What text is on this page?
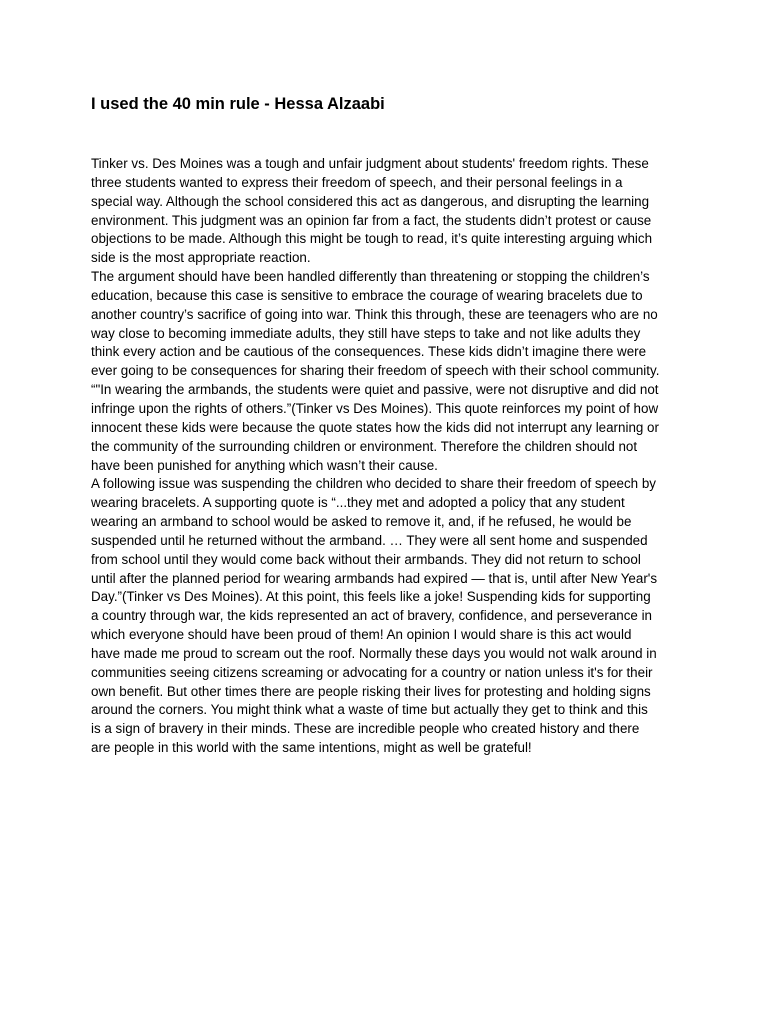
I used the 40 min rule - Hessa Alzaabi
Tinker vs. Des Moines was a tough and unfair judgment about students' freedom rights. These
three students wanted to express their freedom of speech, and their personal feelings in a
special way. Although the school considered this act as dangerous, and disrupting the learning
environment. This judgment was an opinion far from a fact, the students didn’t protest or cause
objections to be made. Although this might be tough to read, it’s quite interesting arguing which
side is the most appropriate reaction.
The argument should have been handled differently than threatening or stopping the children’s
education, because this case is sensitive to embrace the courage of wearing bracelets due to
another country’s sacrifice of going into war. Think this through, these are teenagers who are no
way close to becoming immediate adults, they still have steps to take and not like adults they
think every action and be cautious of the consequences. These kids didn’t imagine there were
ever going to be consequences for sharing their freedom of speech with their school community.
“"In wearing the armbands, the students were quiet and passive, were not disruptive and did not
infringe upon the rights of others.”(Tinker vs Des Moines). This quote reinforces my point of how
innocent these kids were because the quote states how the kids did not interrupt any learning or
the community of the surrounding children or environment. Therefore the children should not
have been punished for anything which wasn’t their cause.
A following issue was suspending the children who decided to share their freedom of speech by
wearing bracelets. A supporting quote is “...they met and adopted a policy that any student
wearing an armband to school would be asked to remove it, and, if he refused, he would be
suspended until he returned without the armband. … They were all sent home and suspended
from school until they would come back without their armbands. They did not return to school
until after the planned period for wearing armbands had expired — that is, until after New Year's
Day.”(Tinker vs Des Moines). At this point, this feels like a joke! Suspending kids for supporting
a country through war, the kids represented an act of bravery, confidence, and perseverance in
which everyone should have been proud of them! An opinion I would share is this act would
have made me proud to scream out the roof. Normally these days you would not walk around in
communities seeing citizens screaming or advocating for a country or nation unless it's for their
own benefit. But other times there are people risking their lives for protesting and holding signs
around the corners. You might think what a waste of time but actually they get to think and this
is a sign of bravery in their minds. These are incredible people who created history and there
are people in this world with the same intentions, might as well be grateful!
